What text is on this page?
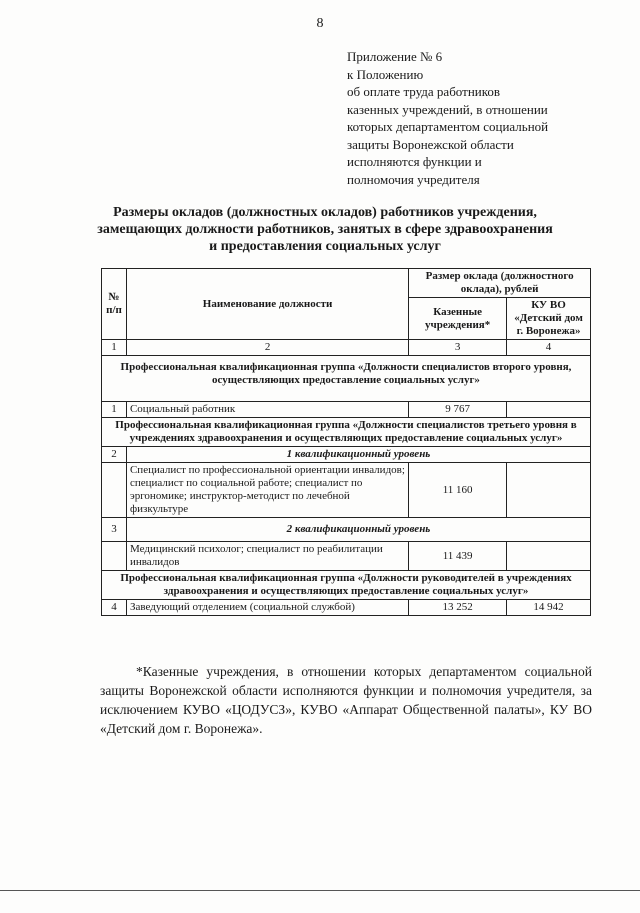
8
Приложение № 6
к Положению
об оплате труда работников
казенных учреждений, в отношении
которых департаментом социальной
защиты Воронежской области
исполняются функции и
полномочия учредителя
Размеры окладов (должностных окладов) работников учреждения,
замещающих должности работников, занятых в сфере здравоохранения
и предоставления социальных услуг
№ п/п	Наименование должности	Размер оклада (должностного оклада), рублей	
		Казенные учреждения*	КУ ВО «Детский дом г. Воронежа»
1	2	3	4
Профессиональная квалификационная группа «Должности специалистов второго уровня, осуществляющих предоставление социальных услуг»			
1	Социальный работник	9 767	
Профессиональная квалификационная группа «Должности специалистов третьего уровня в учреждениях здравоохранения и осуществляющих предоставление социальных услуг»			
2	1 квалификационный уровень		
	Специалист по профессиональной ориентации инвалидов; специалист по социальной работе; специалист по эргономике; инструктор-методист по лечебной физкультуре	11 160	
3	2 квалификационный уровень		
	Медицинский психолог; специалист по реабилитации инвалидов	11 439	
Профессиональная квалификационная группа «Должности руководителей в учреждениях здравоохранения и осуществляющих предоставление социальных услуг»			
4	Заведующий отделением (социальной службой)	13 252	14 942
*Казенные учреждения, в отношении которых департаментом социальной защиты Воронежской области исполняются функции и полномочия учредителя, за исключением КУВО «ЦОДУСЗ», КУВО «Аппарат Общественной палаты», КУ ВО «Детский дом г. Воронежа».
